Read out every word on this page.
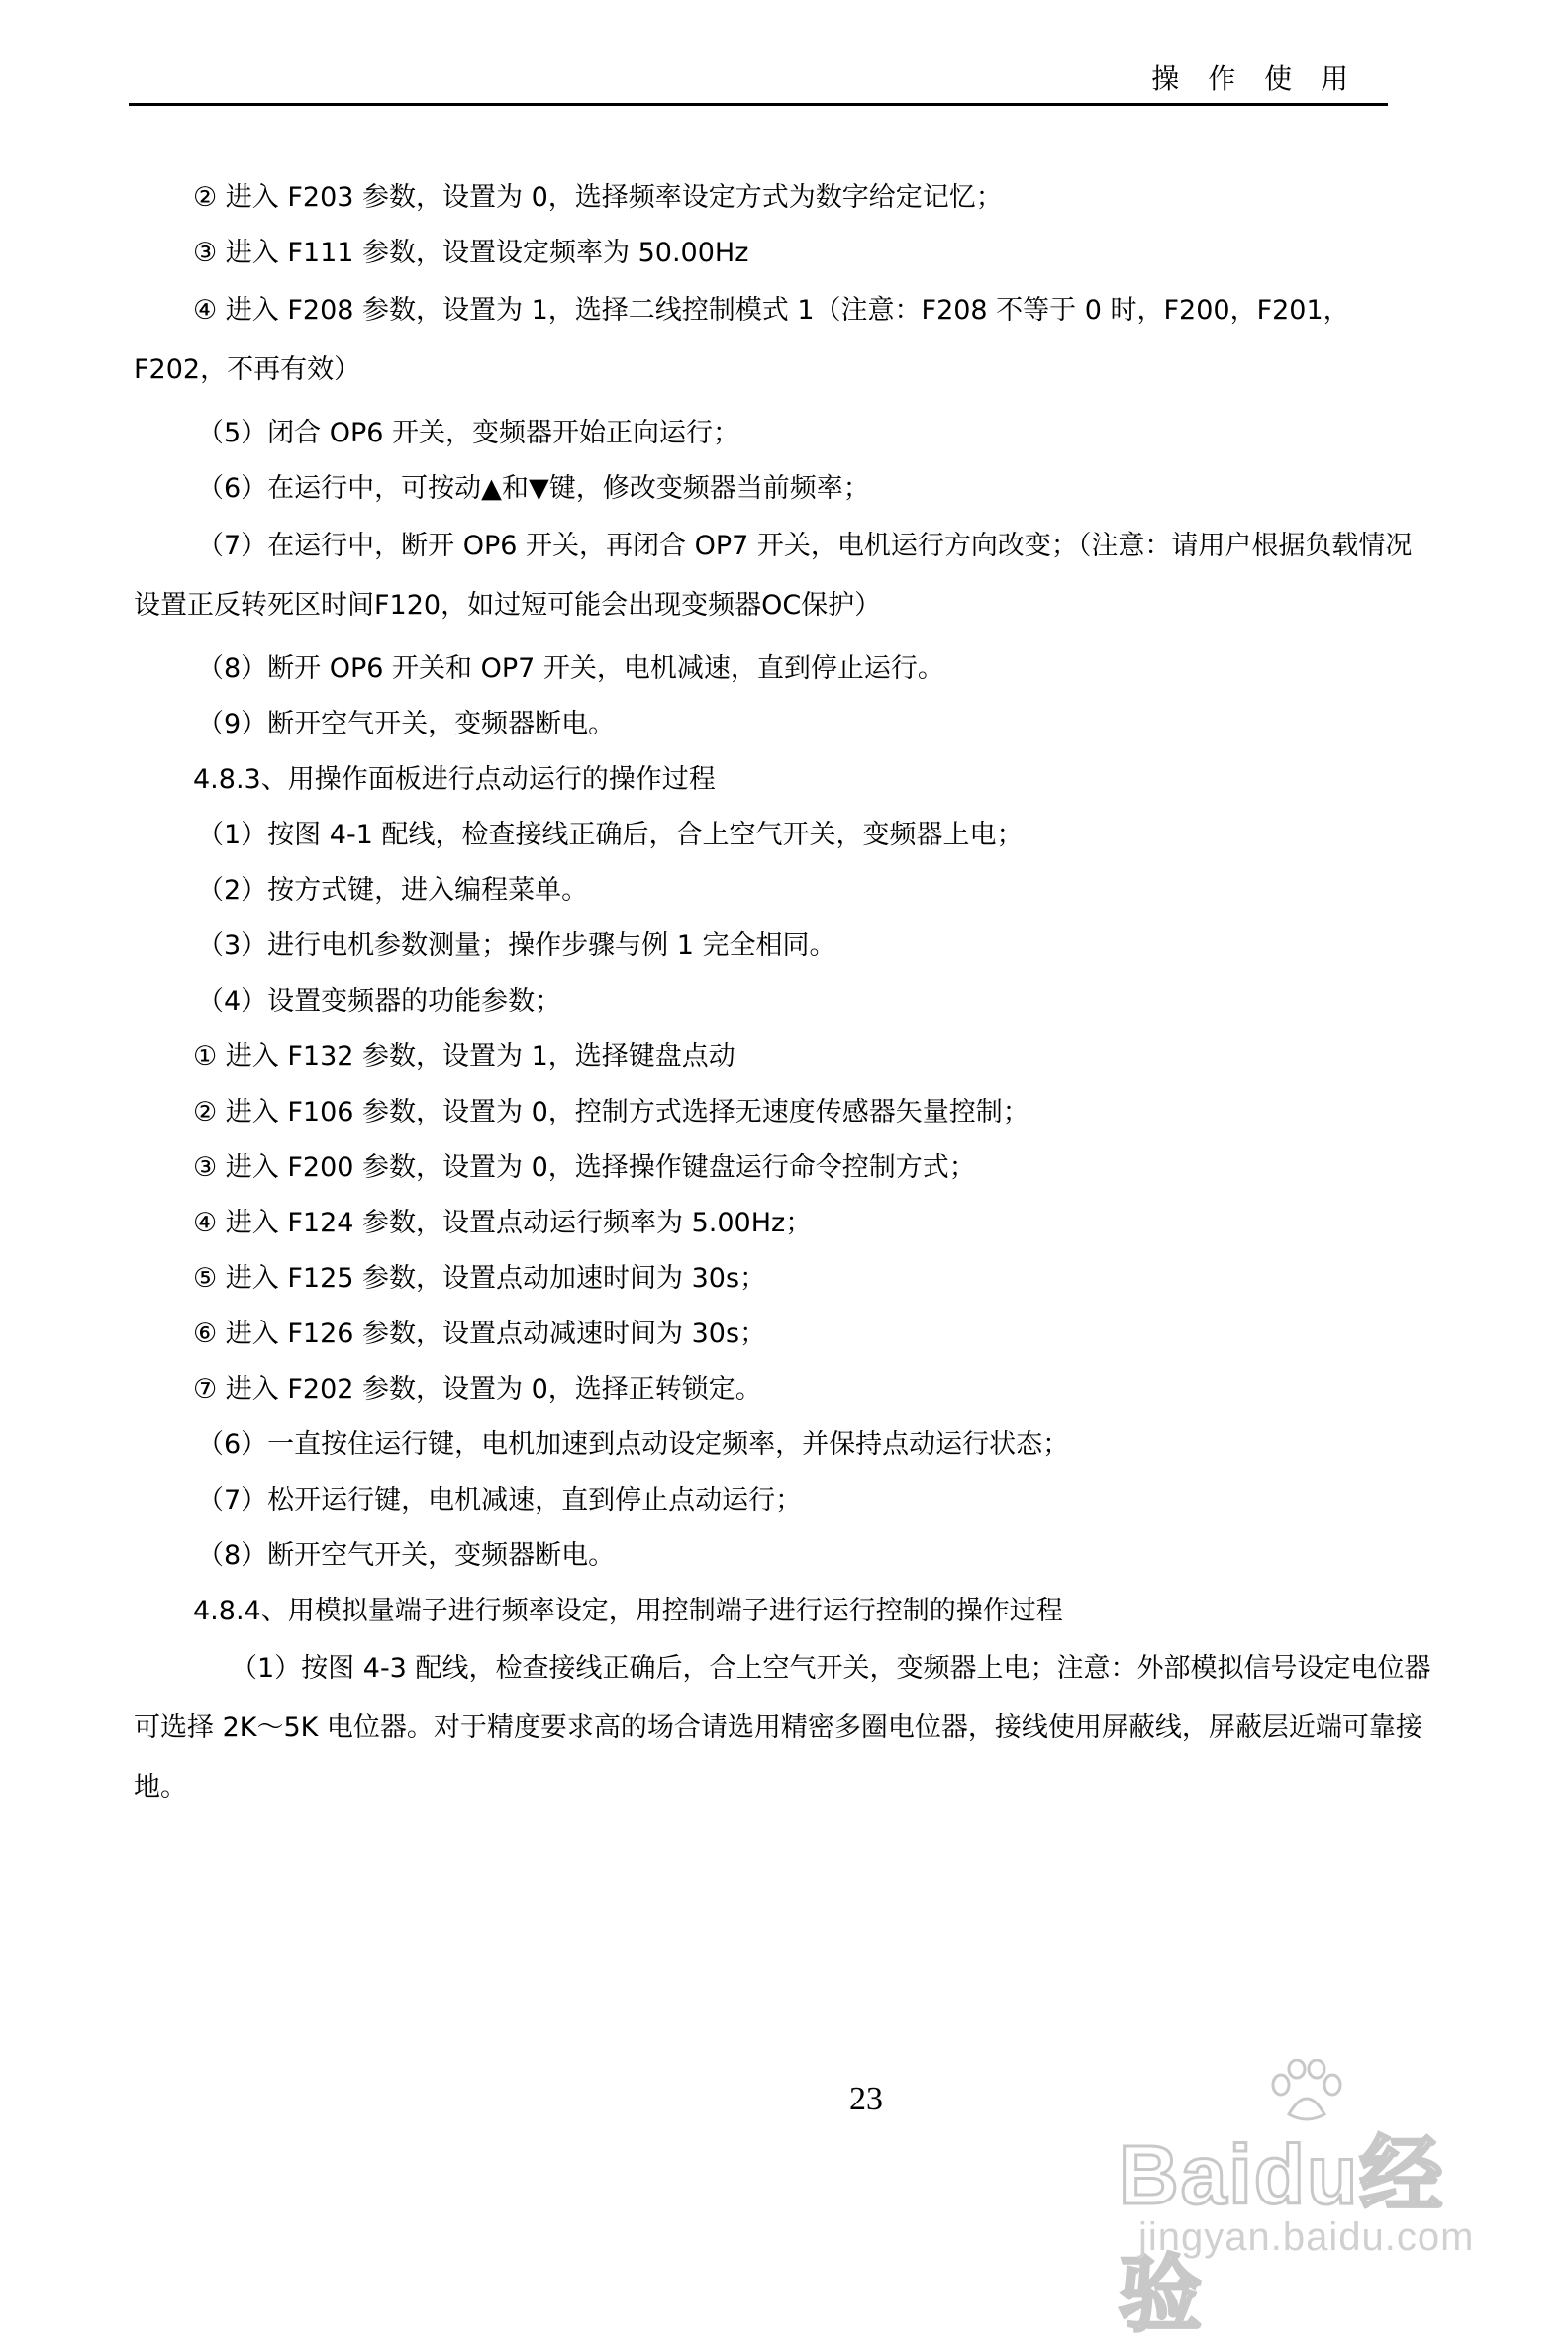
操 作 使 用
② 进入 F203 参数，设置为 0，选择频率设定方式为数字给定记忆；
③ 进入 F111 参数，设置设定频率为 50.00Hz
④ 进入 F208 参数，设置为 1，选择二线控制模式 1（注意：F208 不等于 0 时，F200，F201，F202，不再有效）
（5）闭合 OP6 开关，变频器开始正向运行；
（6）在运行中，可按动▲和▼键，修改变频器当前频率；
（7）在运行中，断开 OP6 开关，再闭合 OP7 开关，电机运行方向改变；（注意：请用户根据负载情况设置正反转死区时间F120，如过短可能会出现变频器OC保护）
（8）断开 OP6 开关和 OP7 开关，电机减速，直到停止运行。
（9）断开空气开关，变频器断电。
4.8.3、用操作面板进行点动运行的操作过程
（1）按图 4-1 配线，检查接线正确后，合上空气开关，变频器上电；
（2）按方式键，进入编程菜单。
（3）进行电机参数测量；操作步骤与例 1 完全相同。
（4）设置变频器的功能参数；
① 进入 F132 参数，设置为 1，选择键盘点动
② 进入 F106 参数，设置为 0，控制方式选择无速度传感器矢量控制；
③ 进入 F200 参数，设置为 0，选择操作键盘运行命令控制方式；
④ 进入 F124 参数，设置点动运行频率为 5.00Hz；
⑤ 进入 F125 参数，设置点动加速时间为 30s；
⑥ 进入 F126 参数，设置点动减速时间为 30s；
⑦ 进入 F202 参数，设置为 0，选择正转锁定。
（6）一直按住运行键，电机加速到点动设定频率，并保持点动运行状态；
（7）松开运行键，电机减速，直到停止点动运行；
（8）断开空气开关，变频器断电。
4.8.4、用模拟量端子进行频率设定，用控制端子进行运行控制的操作过程
（1）按图 4-3 配线，检查接线正确后，合上空气开关，变频器上电；注意：外部模拟信号设定电位器可选择 2K～5K 电位器。对于精度要求高的场合请选用精密多圈电位器，接线使用屏蔽线，屏蔽层近端可靠接地。
23
Baidu经验
jingyan.baidu.com
